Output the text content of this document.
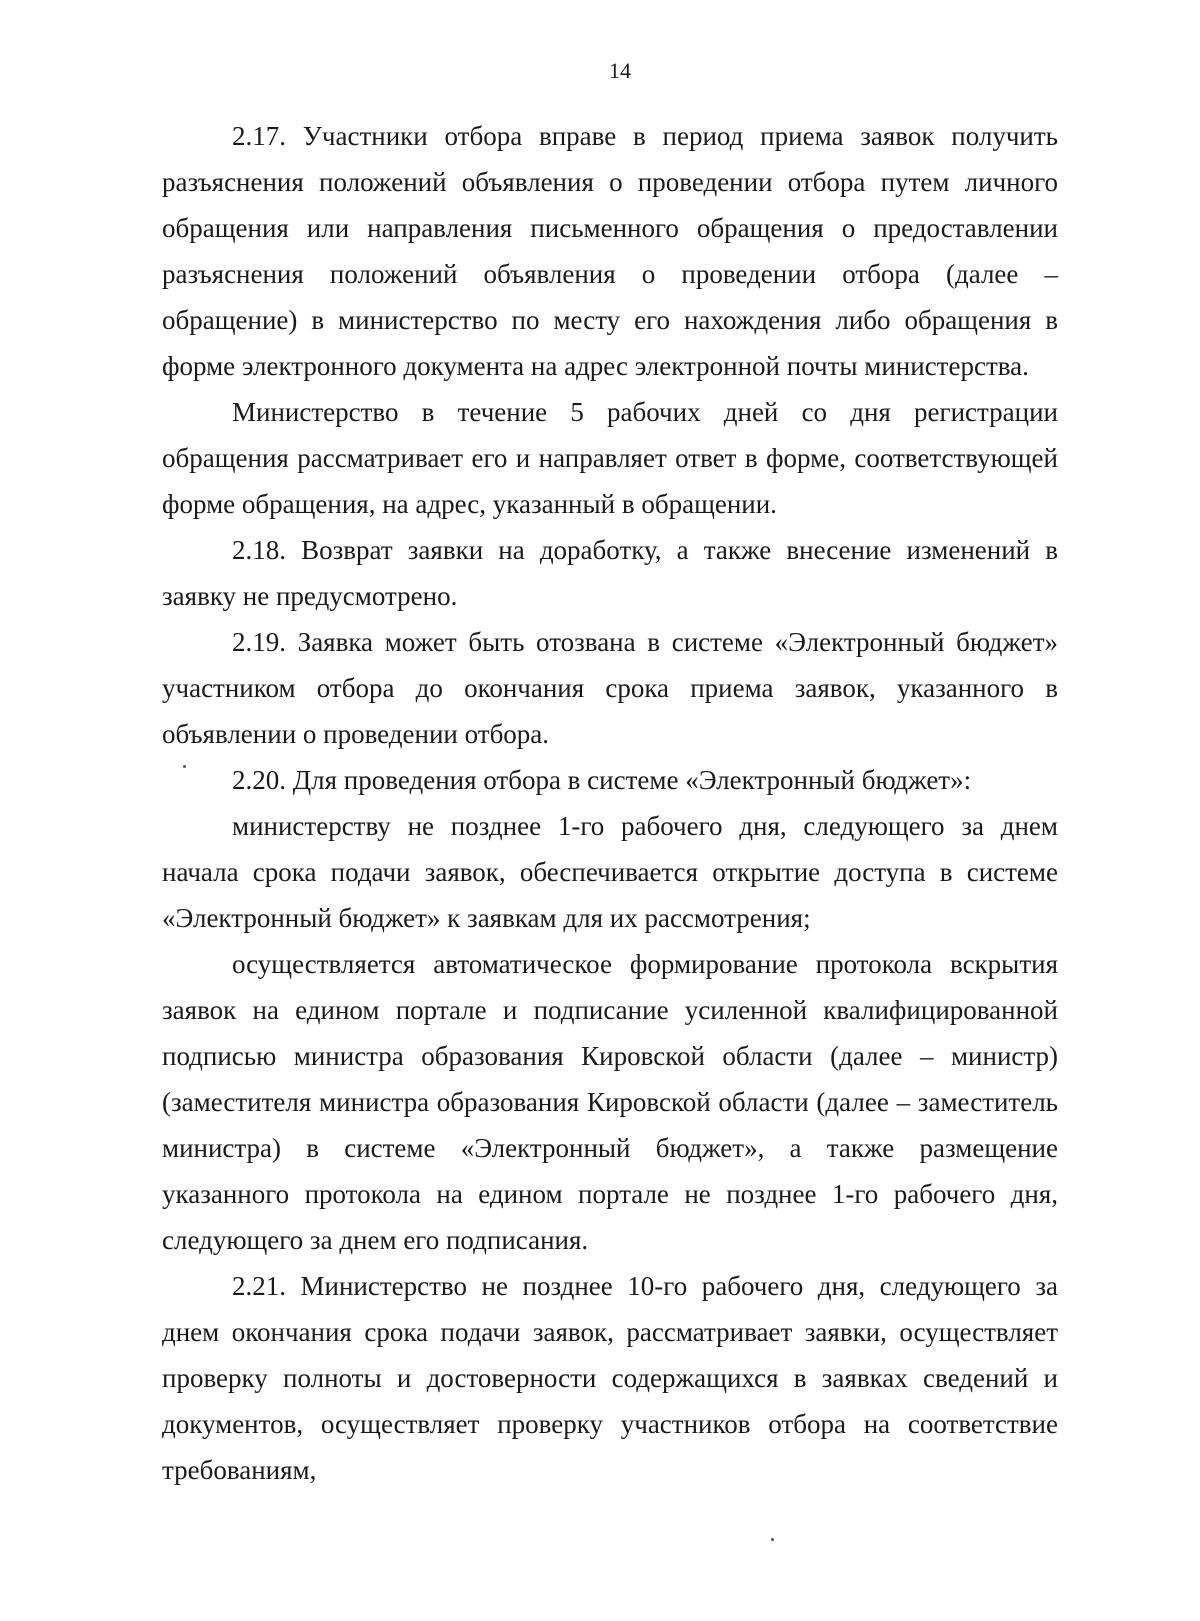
14

2.17. Участники отбора вправе в период приема заявок получить разъяснения положений объявления о проведении отбора путем личного обращения или направления письменного обращения о предоставлении разъяснения положений объявления о проведении отбора (далее – обращение) в министерство по месту его нахождения либо обращения в форме электронного документа на адрес электронной почты министерства.

Министерство в течение 5 рабочих дней со дня регистрации обращения рассматривает его и направляет ответ в форме, соответствующей форме обращения, на адрес, указанный в обращении.

2.18. Возврат заявки на доработку, а также внесение изменений в заявку не предусмотрено.

2.19. Заявка может быть отозвана в системе «Электронный бюджет» участником отбора до окончания срока приема заявок, указанного в объявлении о проведении отбора.

2.20. Для проведения отбора в системе «Электронный бюджет»:

министерству не позднее 1-го рабочего дня, следующего за днем начала срока подачи заявок, обеспечивается открытие доступа в системе «Электронный бюджет» к заявкам для их рассмотрения;

осуществляется автоматическое формирование протокола вскрытия заявок на едином портале и подписание усиленной квалифицированной подписью министра образования Кировской области (далее – министр) (заместителя министра образования Кировской области (далее – заместитель министра) в системе «Электронный бюджет», а также размещение указанного протокола на едином портале не позднее 1-го рабочего дня, следующего за днем его подписания.

2.21. Министерство не позднее 10-го рабочего дня, следующего за днем окончания срока подачи заявок, рассматривает заявки, осуществляет проверку полноты и достоверности содержащихся в заявках сведений и документов, осуществляет проверку участников отбора на соответствие требованиям,
